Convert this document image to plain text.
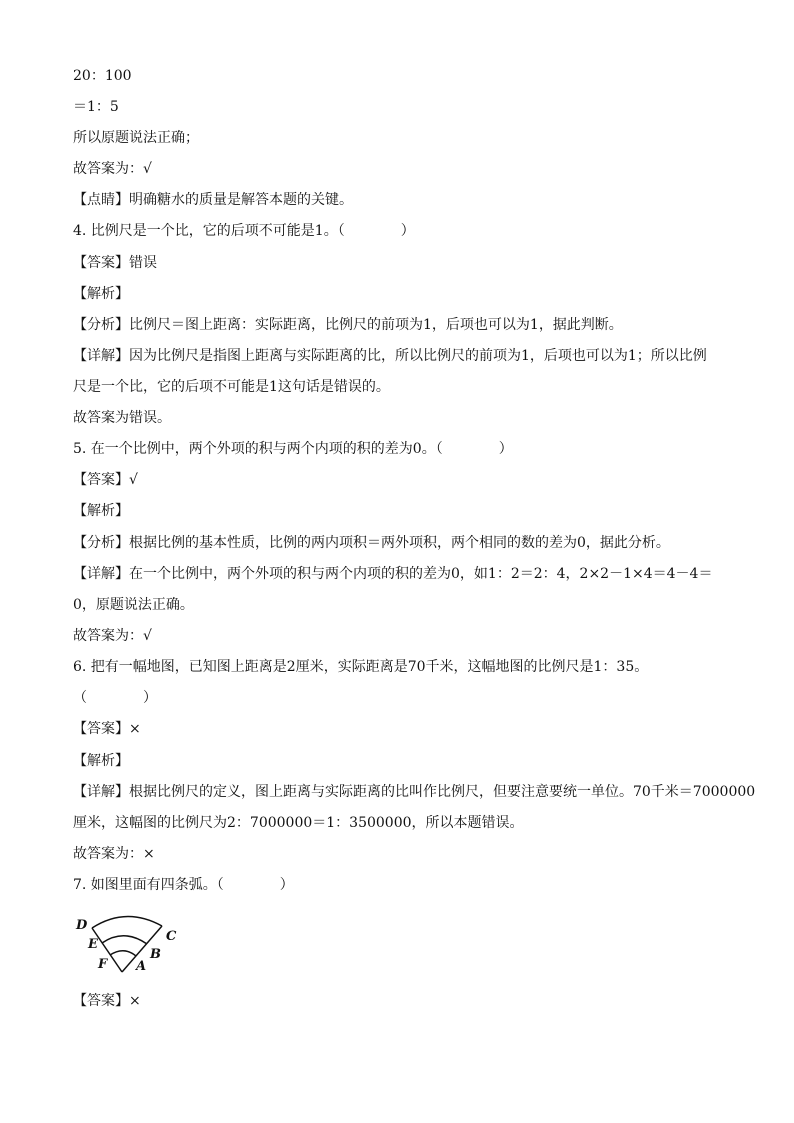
20：100
＝1：5
所以原题说法正确；
故答案为：√
【点睛】明确糖水的质量是解答本题的关键。
4. 比例尺是一个比，它的后项不可能是1。（　　　　）
【答案】错误
【解析】
【分析】比例尺＝图上距离：实际距离，比例尺的前项为1，后项也可以为1，据此判断。
【详解】因为比例尺是指图上距离与实际距离的比，所以比例尺的前项为1，后项也可以为1；所以比例
尺是一个比，它的后项不可能是1这句话是错误的。
故答案为错误。
5. 在一个比例中，两个外项的积与两个内项的积的差为0。（　　　　）
【答案】√
【解析】
【分析】根据比例的基本性质，比例的两内项积＝两外项积，两个相同的数的差为0，据此分析。
【详解】在一个比例中，两个外项的积与两个内项的积的差为0，如1：2＝2：4，2×2－1×4＝4－4＝
0，原题说法正确。
故答案为：√
6. 把有一幅地图，已知图上距离是2厘米，实际距离是70千米，这幅地图的比例尺是1：35。
（　　　　）
【答案】×
【解析】
【详解】根据比例尺的定义，图上距离与实际距离的比叫作比例尺，但要注意要统一单位。70千米＝7000000
厘米，这幅图的比例尺为2：7000000＝1：3500000，所以本题错误。
故答案为：×
7. 如图里面有四条弧。（　　　　）
D
E
F A
B
C
【答案】×
